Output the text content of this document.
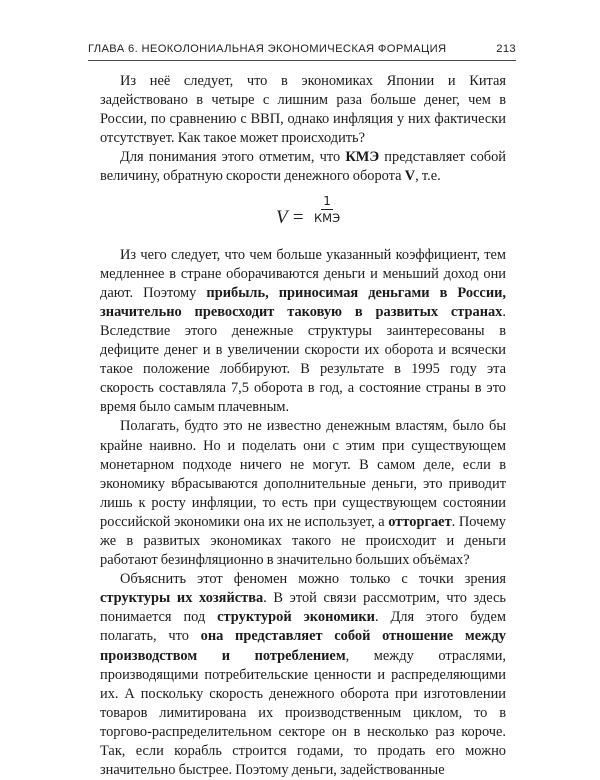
ГЛАВА 6. НЕОКОЛОНИАЛЬНАЯ ЭКОНОМИЧЕСКАЯ ФОРМАЦИЯ	213

Из неё следует, что в экономиках Японии и Китая задействовано в четыре с лишним раза больше денег, чем в России, по сравнению с ВВП, однако инфляция у них фактически отсутствует. Как такое может происходить?

Для понимания этого отметим, что КМЭ представляет собой величину, обратную скорости денежного оборота V, т.е.

V =
1
КМЭ

Из чего следует, что чем больше указанный коэффициент, тем медленнее в стране оборачиваются деньги и меньший доход они дают. Поэтому прибыль, приносимая деньгами в России, значительно превосходит таковую в развитых странах. Вследствие этого денежные структуры заинтересованы в дефиците денег и в увеличении скорости их оборота и всячески такое положение лоббируют. В результате в 1995 году эта скорость составляла 7,5 оборота в год, а состояние страны в это время было самым плачевным.

Полагать, будто это не известно денежным властям, было бы крайне наивно. Но и поделать они с этим при существующем монетарном подходе ничего не могут. В самом деле, если в экономику вбрасываются дополнительные деньги, это приводит лишь к росту инфляции, то есть при существующем состоянии российской экономики она их не использует, а отторгает. Почему же в развитых экономиках такого не происходит и деньги работают безинфляционно в значительно больших объёмах?

Объяснить этот феномен можно только с точки зрения структуры их хозяйства. В этой связи рассмотрим, что здесь понимается под структурой экономики. Для этого будем полагать, что она представляет собой отношение между производством и потреблением, между отраслями, производящими потребительские ценности и распределяющими их. А поскольку скорость денежного оборота при изготовлении товаров лимитирована их производственным циклом, то в торгово-распределительном секторе он в несколько раз короче. Так, если корабль строится годами, то продать его можно значительно быстрее. Поэтому деньги, задействованные
